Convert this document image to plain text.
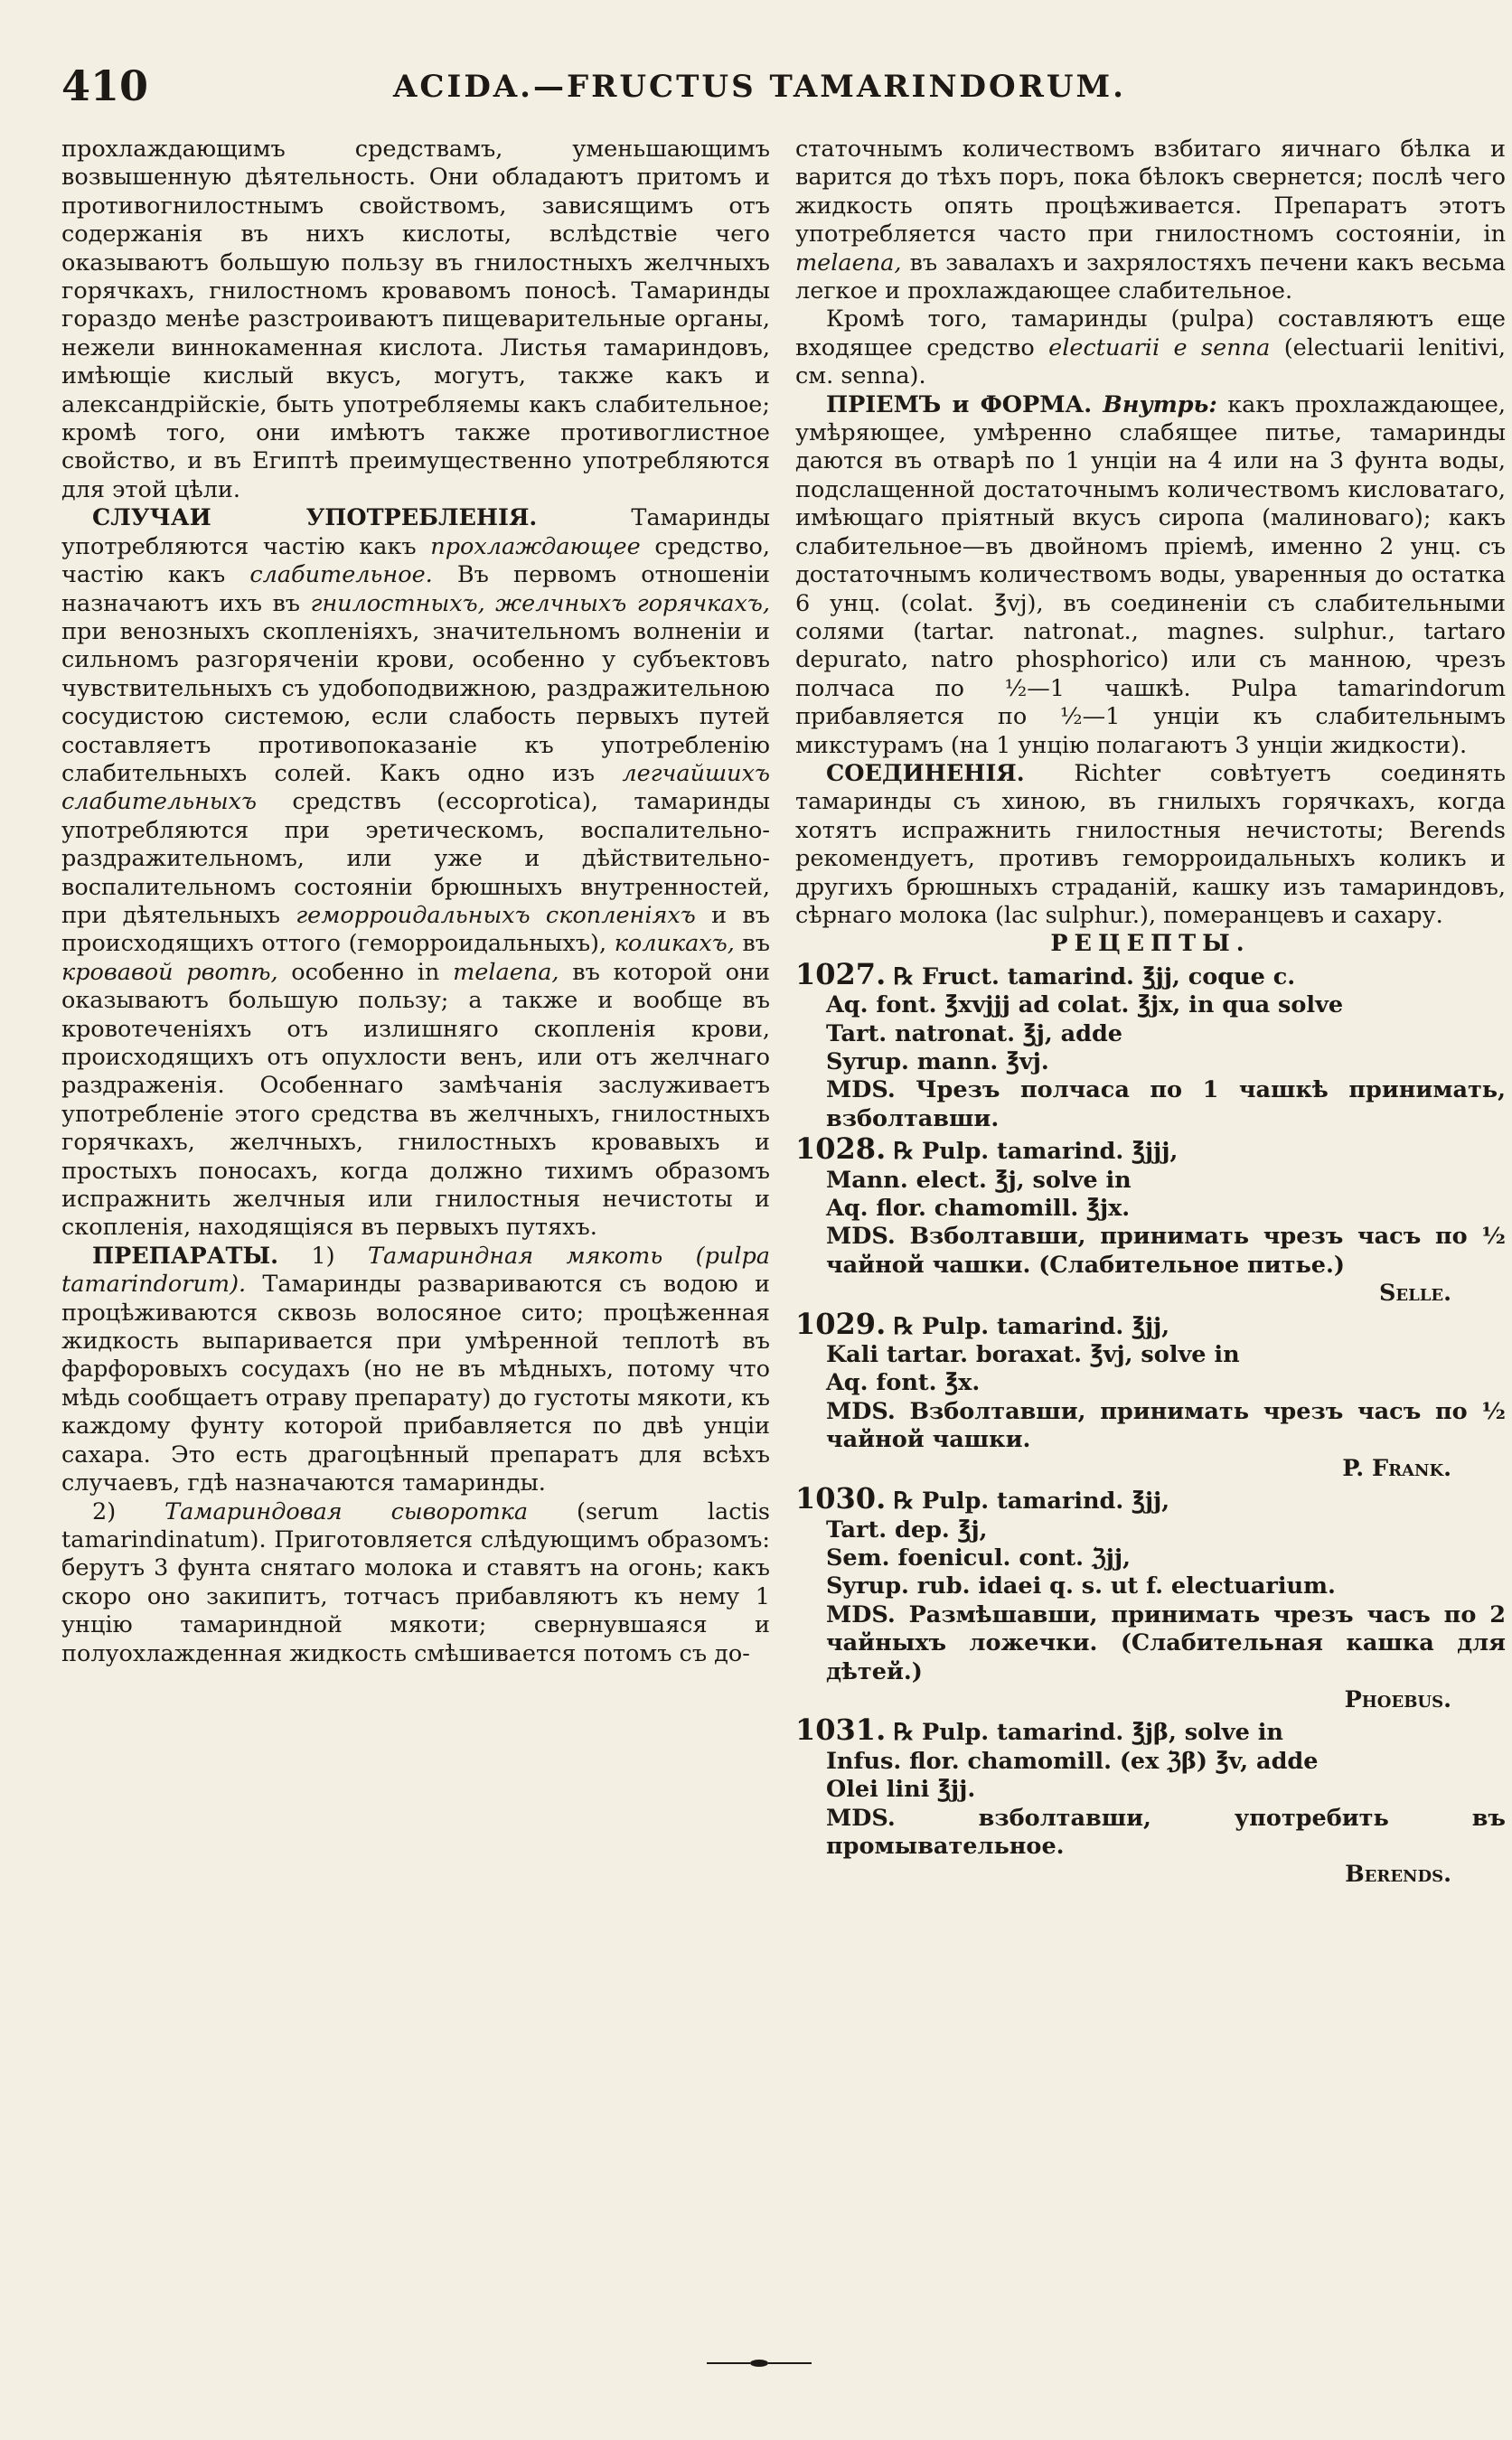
410	ACIDA.—FRUCTUS TAMARINDORUM.

прохлаждающимъ средствамъ, уменьшающимъ возвышенную дѣятельность. Они обладаютъ притомъ и противогнилостнымъ свойствомъ, зависящимъ отъ содержанія въ нихъ кислоты, вслѣдствіе чего оказываютъ большую пользу въ гнилостныхъ желчныхъ горячкахъ, гнилостномъ кровавомъ поносѣ. Тамаринды гораздо менѣе разстроиваютъ пищеварительные органы, нежели виннокаменная кислота. Листья тамариндовъ, имѣющіе кислый вкусъ, могутъ, также какъ и александрійскіе, быть употребляемы какъ слабительное; кромѣ того, они имѣютъ также противоглистное свойство, и въ Египтѣ преимущественно употребляются для этой цѣли.

СЛУЧАИ УПОТРЕБЛЕНІЯ. Тамаринды употребляются частію какъ прохлаждающее средство, частію какъ слабительное. Въ первомъ отношеніи назначаютъ ихъ въ гнилостныхъ, желчныхъ горячкахъ, при венозныхъ скопленіяхъ, значительномъ волненіи и сильномъ разгоряченіи крови, особенно у субъектовъ чувствительныхъ съ удобоподвижною, раздражительною сосудистою системою, если слабость первыхъ путей составляетъ противопоказаніе къ употребленію слабительныхъ солей. Какъ одно изъ легчайшихъ слабительныхъ средствъ (eccoprotica), тамаринды употребляются при эретическомъ, воспалительно-раздражительномъ, или уже и дѣйствительно-воспалительномъ состояніи брюшныхъ внутренностей, при дѣятельныхъ геморроидальныхъ скопленіяхъ и въ происходящихъ оттого (геморроидальныхъ), коликахъ, въ кровавой рвотѣ, особенно in melaena, въ которой они оказываютъ большую пользу; а также и вообще въ кровотеченіяхъ отъ излишняго скопленія крови, происходящихъ отъ опухлости венъ, или отъ желчнаго раздраженія. Особеннаго замѣчанія заслуживаетъ употребленіе этого средства въ желчныхъ, гнилостныхъ горячкахъ, желчныхъ, гнилостныхъ кровавыхъ и простыхъ поносахъ, когда должно тихимъ образомъ испражнить желчныя или гнилостныя нечистоты и скопленія, находящіяся въ первыхъ путяхъ.

ПРЕПАРАТЫ. 1) Тамариндная мякоть (pulpa tamarindorum). Тамаринды развариваются съ водою и процѣживаются сквозь волосяное сито; процѣженная жидкость выпаривается при умѣренной теплотѣ въ фарфоровыхъ сосудахъ (но не въ мѣдныхъ, потому что мѣдь сообщаетъ отраву препарату) до густоты мякоти, къ каждому фунту которой прибавляется по двѣ унціи сахара. Это есть драгоцѣнный препаратъ для всѣхъ случаевъ, гдѣ назначаются тамаринды.

2) Тамариндовая сыворотка (serum lactis tamarindinatum). Приготовляется слѣдующимъ образомъ: берутъ 3 фунта снятаго молока и ставятъ на огонь; какъ скоро оно закипитъ, тотчасъ прибавляютъ къ нему 1 унцію тамариндной мякоти; свернувшаяся и полуохлажденная жидкость смѣшивается потомъ съ до-

статочнымъ количествомъ взбитаго яичнаго бѣлка и варится до тѣхъ поръ, пока бѣлокъ свернется; послѣ чего жидкость опять процѣживается. Препаратъ этотъ употребляется часто при гнилостномъ состояніи, in melaena, въ завалахъ и захрялостяхъ печени какъ весьма легкое и прохлаждающее слабительное.

Кромѣ того, тамаринды (pulpa) составляютъ еще входящее средство electuarii e senna (electuarii lenitivi, см. senna).

ПРІЕМЪ и ФОРМА. Внутрь: какъ прохлаждающее, умѣряющее, умѣренно слабящее питье, тамаринды даются въ отварѣ по 1 унціи на 4 или на 3 фунта воды, подслащенной достаточнымъ количествомъ кисловатаго, имѣющаго пріятный вкусъ сиропа (малиноваго); какъ слабительное—въ двойномъ пріемѣ, именно 2 унц. съ достаточнымъ количествомъ воды, уваренныя до остатка 6 унц. (colat. ℥vj), въ соединеніи съ слабительными солями (tartar. natronat., magnes. sulphur., tartaro depurato, natro phosphorico) или съ манною, чрезъ полчаса по ½—1 чашкѣ. Pulpa tamarindorum прибавляется по ½—1 унціи къ слабительнымъ микстурамъ (на 1 унцію полагаютъ 3 унціи жидкости).

СОЕДИНЕНІЯ. Richter совѣтуетъ соединять тамаринды съ хиною, въ гнилыхъ горячкахъ, когда хотятъ испражнить гнилостныя нечистоты; Berends рекомендуетъ, противъ геморроидальныхъ коликъ и другихъ брюшныхъ страданій, кашку изъ тамариндовъ, сѣрнаго молока (lac sulphur.), померанцевъ и сахару.

РЕЦЕПТЫ.

1027. ℞ Fruct. tamarind. ℥jj, coque c.
Aq. font. ℥xvjjj ad colat. ℥jx, in qua solve
Tart. natronat. ℥j, adde
Syrup. mann. ℥vj.
MDS. Чрезъ полчаса по 1 чашкѣ принимать, взболтавши.
1028. ℞ Pulp. tamarind. ℥jjj,
Mann. elect. ℥j, solve in
Aq. flor. chamomill. ℥jx.
MDS. Взболтавши, принимать чрезъ часъ по ½ чайной чашки. (Слабительное питье.)
Selle.
1029. ℞ Pulp. tamarind. ℥jj,
Kali tartar. boraxat. ℥vj, solve in
Aq. font. ℥x.
MDS. Взболтавши, принимать чрезъ часъ по ½ чайной чашки.
P. Frank.
1030. ℞ Pulp. tamarind. ℥jj,
Tart. dep. ℥j,
Sem. foenicul. cont. ℨjj,
Syrup. rub. idaei q. s. ut f. electuarium.
MDS. Размѣшавши, принимать чрезъ часъ по 2 чайныхъ ложечки. (Слабительная кашка для дѣтей.)
Phoebus.
1031. ℞ Pulp. tamarind. ℥jβ, solve in
Infus. flor. chamomill. (ex ℨβ) ℥v, adde
Olei lini ℥jj.
MDS. взболтавши, употребить въ промывательное.
Berends.
